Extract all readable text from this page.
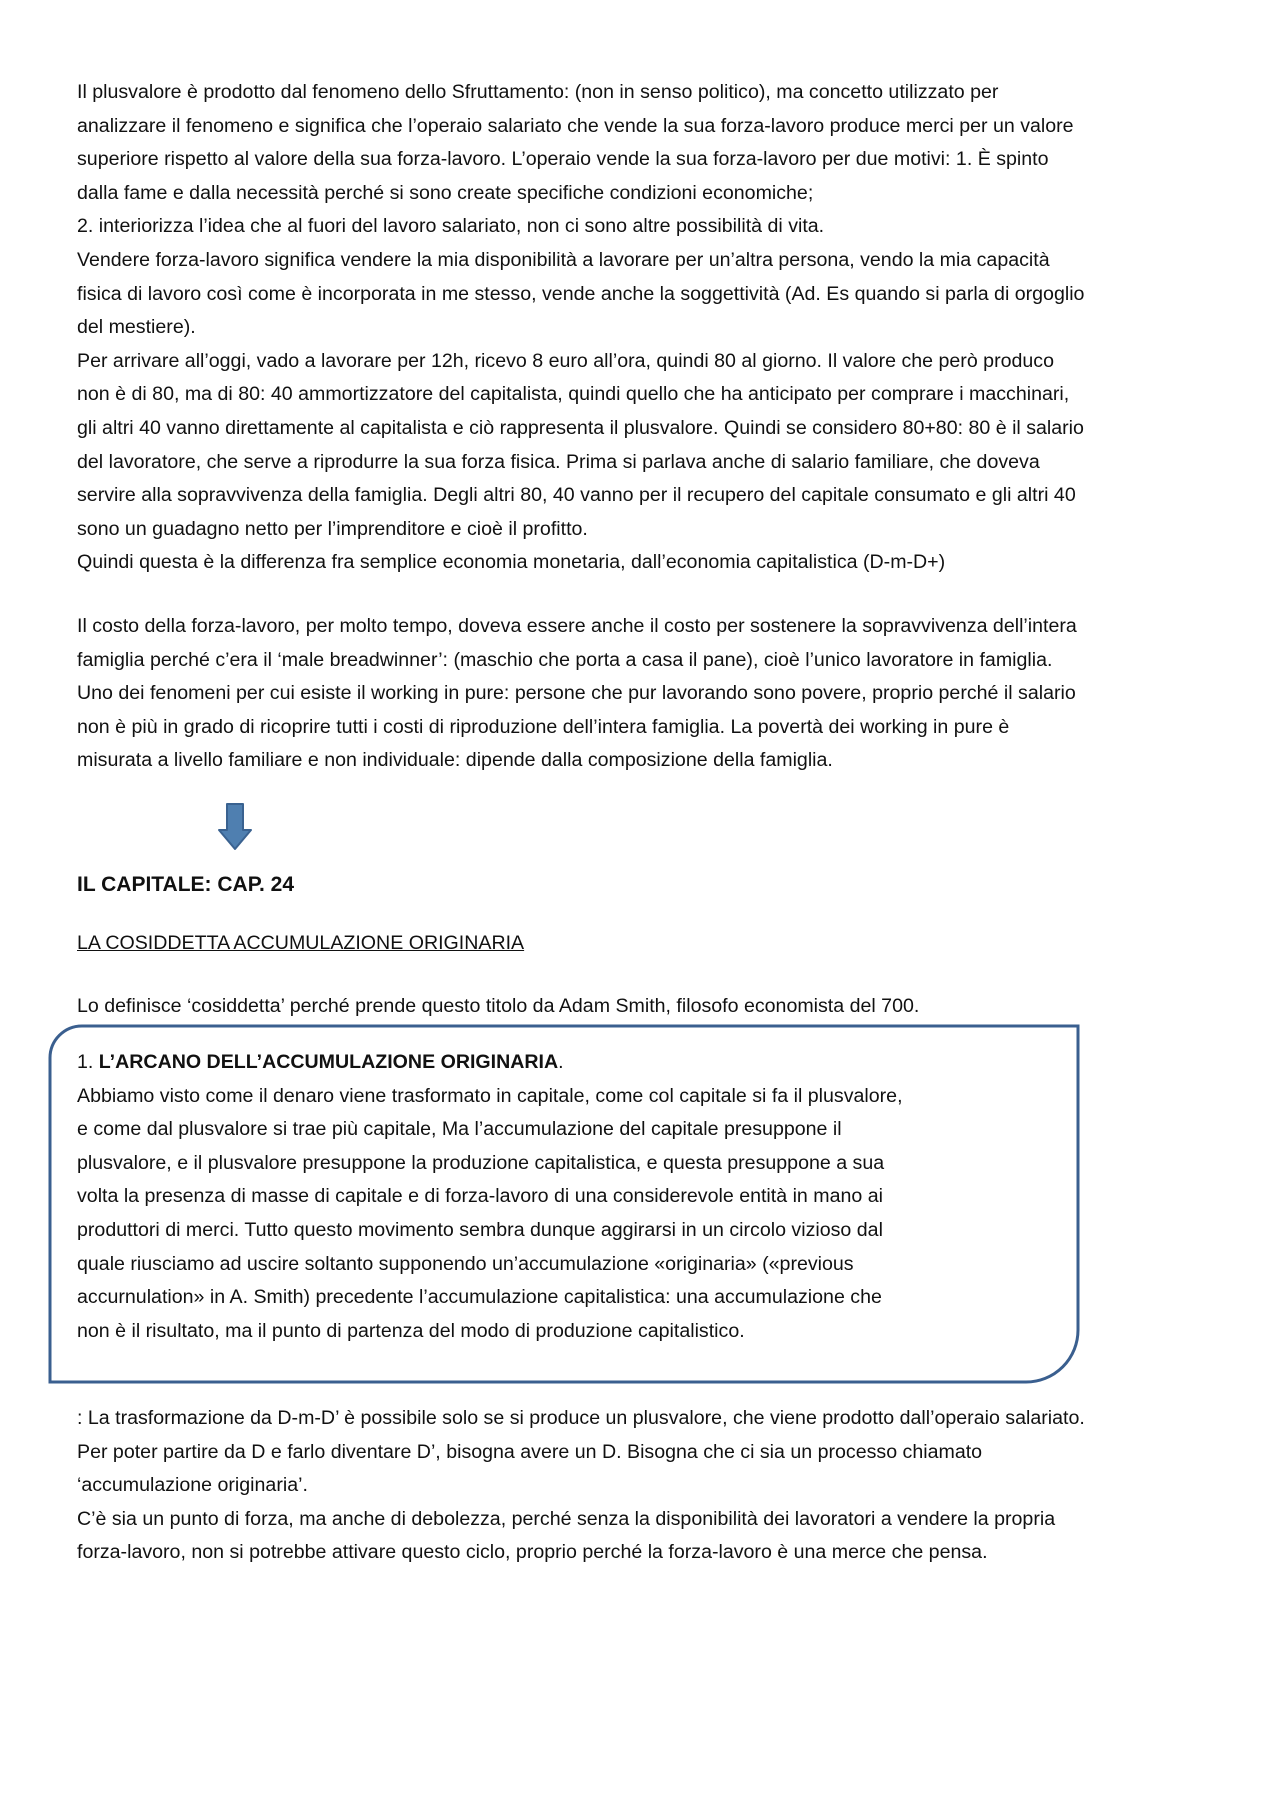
Il plusvalore è prodotto dal fenomeno dello Sfruttamento: (non in senso politico), ma concetto utilizzato per
analizzare il fenomeno e significa che l’operaio salariato che vende la sua forza-lavoro produce merci per un valore
superiore rispetto al valore della sua forza-lavoro. L’operaio vende la sua forza-lavoro per due motivi: 1. È spinto
dalla fame e dalla necessità perché si sono create specifiche condizioni economiche;
2. interiorizza l’idea che al fuori del lavoro salariato, non ci sono altre possibilità di vita.
Vendere forza-lavoro significa vendere la mia disponibilità a lavorare per un’altra persona, vendo la mia capacità
fisica di lavoro così come è incorporata in me stesso, vende anche la soggettività (Ad. Es quando si parla di orgoglio
del mestiere).
Per arrivare all’oggi, vado a lavorare per 12h, ricevo 8 euro all’ora, quindi 80 al giorno. Il valore che però produco
non è di 80, ma di 80: 40 ammortizzatore del capitalista, quindi quello che ha anticipato per comprare i macchinari,
gli altri 40 vanno direttamente al capitalista e ciò rappresenta il plusvalore. Quindi se considero 80+80: 80 è il salario
del lavoratore, che serve a riprodurre la sua forza fisica. Prima si parlava anche di salario familiare, che doveva
servire alla sopravvivenza della famiglia. Degli altri 80, 40 vanno per il recupero del capitale consumato e gli altri 40
sono un guadagno netto per l’imprenditore e cioè il profitto.
Quindi questa è la differenza fra semplice economia monetaria, dall’economia capitalistica (D-m-D+)
Il costo della forza-lavoro, per molto tempo, doveva essere anche il costo per sostenere la sopravvivenza dell’intera
famiglia perché c’era il ‘male breadwinner’: (maschio che porta a casa il pane), cioè l’unico lavoratore in famiglia.
Uno dei fenomeni per cui esiste il working in pure: persone che pur lavorando sono povere, proprio perché il salario
non è più in grado di ricoprire tutti i costi di riproduzione dell’intera famiglia. La povertà dei working in pure è
misurata a livello familiare e non individuale: dipende dalla composizione della famiglia.
IL CAPITALE: CAP. 24

LA COSIDDETTA ACCUMULAZIONE ORIGINARIA

Lo definisce ‘cosiddetta’ perché prende questo titolo da Adam Smith, filosofo economista del 700.

1. L’ARCANO DELL’ACCUMULAZIONE ORIGINARIA.
Abbiamo visto come il denaro viene trasformato in capitale, come col capitale si fa il plusvalore,
e come dal plusvalore si trae più capitale, Ma l’accumulazione del capitale presuppone il
plusvalore, e il plusvalore presuppone la produzione capitalistica, e questa presuppone a sua
volta la presenza di masse di capitale e di forza-lavoro di una considerevole entità in mano ai
produttori di merci. Tutto questo movimento sembra dunque aggirarsi in un circolo vizioso dal
quale riusciamo ad uscire soltanto supponendo un’accumulazione «originaria» («previous
accurnulation» in A. Smith) precedente l’accumulazione capitalistica: una accumulazione che
non è il risultato, ma il punto di partenza del modo di produzione capitalistico.
: La trasformazione da D-m-D’ è possibile solo se si produce un plusvalore, che viene prodotto dall’operaio salariato.
Per poter partire da D e farlo diventare D’, bisogna avere un D. Bisogna che ci sia un processo chiamato
‘accumulazione originaria’.
C’è sia un punto di forza, ma anche di debolezza, perché senza la disponibilità dei lavoratori a vendere la propria
forza-lavoro, non si potrebbe attivare questo ciclo, proprio perché la forza-lavoro è una merce che pensa.
